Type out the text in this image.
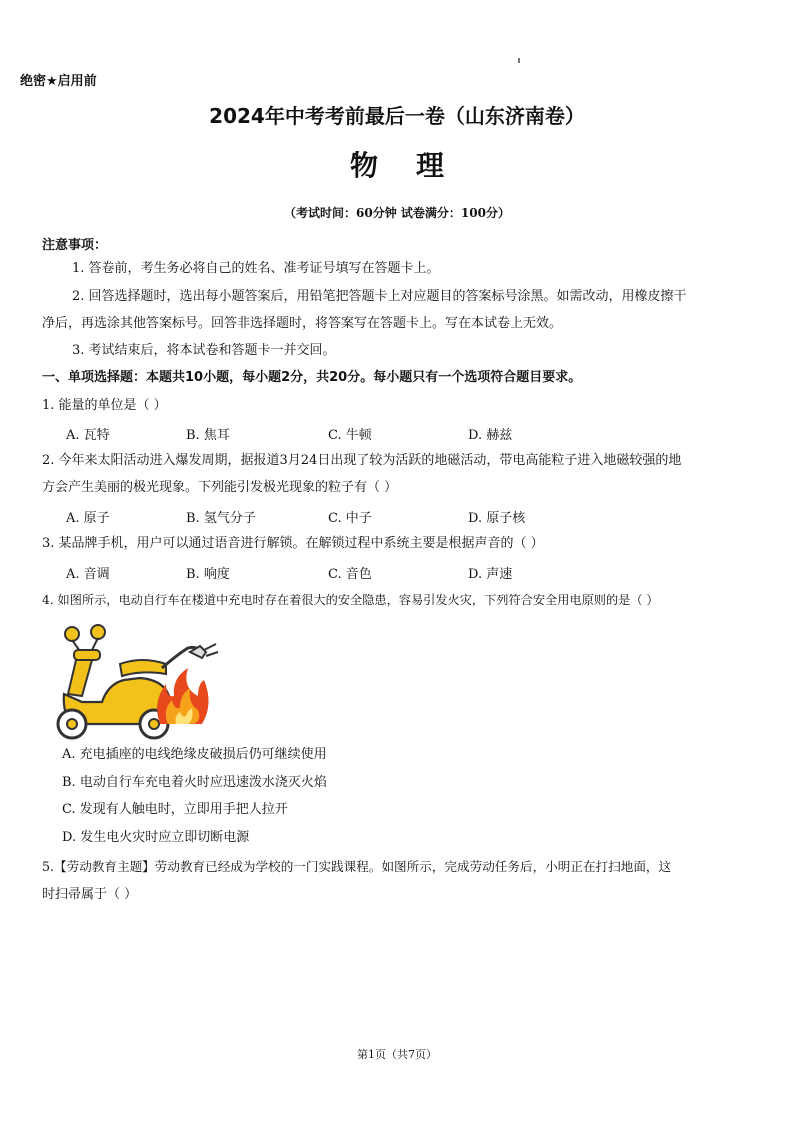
绝密★启用前
2024年中考考前最后一卷（山东济南卷）
物理
（考试时间：60分钟 试卷满分：100分）
注意事项：
1. 答卷前，考生务必将自己的姓名、准考证号填写在答题卡上。
2. 回答选择题时，选出每小题答案后，用铅笔把答题卡上对应题目的答案标号涂黑。如需改动，用橡皮擦干
净后，再选涂其他答案标号。回答非选择题时，将答案写在答题卡上。写在本试卷上无效。
3. 考试结束后，将本试卷和答题卡一并交回。
一、单项选择题：本题共10小题，每小题2分，共20分。每小题只有一个选项符合题目要求。
1. 能量的单位是（ ）
A. 瓦特	B. 焦耳	C. 牛顿	D. 赫兹
2. 今年来太阳活动进入爆发周期，据报道3月24日出现了较为活跃的地磁活动，带电高能粒子进入地磁较强的地
方会产生美丽的极光现象。下列能引发极光现象的粒子有（ ）
A. 原子	B. 氢气分子	C. 中子	D. 原子核
3. 某品牌手机，用户可以通过语音进行解锁。在解锁过程中系统主要是根据声音的（ ）
A. 音调	B. 响度	C. 音色	D. 声速
4. 如图所示，电动自行车在楼道中充电时存在着很大的安全隐患，容易引发火灾，下列符合安全用电原则的是（ ）
A. 充电插座的电线绝缘皮破损后仍可继续使用
B. 电动自行车充电着火时应迅速泼水浇灭火焰
C. 发现有人触电时，立即用手把人拉开
D. 发生电火灾时应立即切断电源
5.【劳动教育主题】劳动教育已经成为学校的一门实践课程。如图所示，完成劳动任务后，小明正在打扫地面，这
时扫帚属于（ ）
第1页（共7页）
